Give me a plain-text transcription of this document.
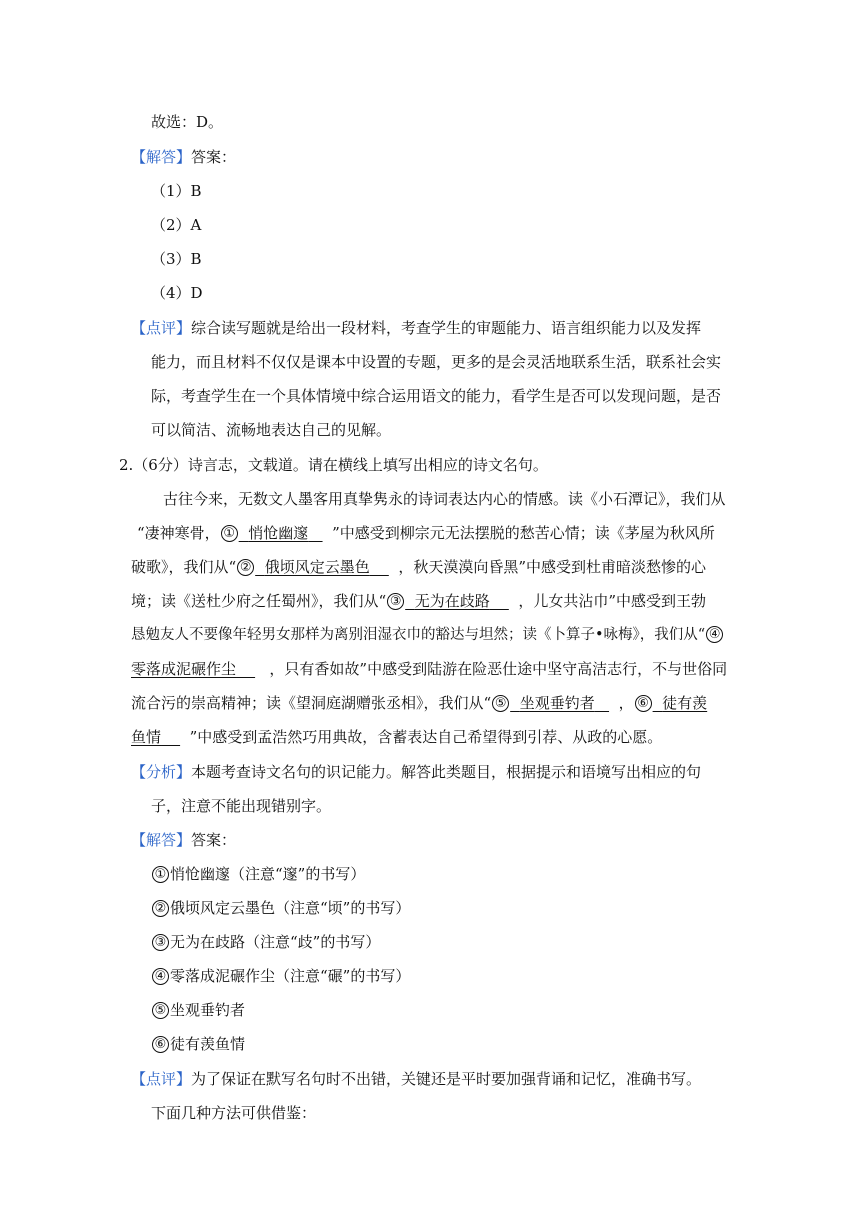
故选：D。
【解答】答案：
（1）B
（2）A
（3）B
（4）D
【点评】综合读写题就是给出一段材料，考查学生的审题能力、语言组织能力以及发挥
能力，而且材料不仅仅是课本中设置的专题，更多的是会灵活地联系生活，联系社会实
际，考查学生在一个具体情境中综合运用语文的能力，看学生是否可以发现问题，是否
可以简洁、流畅地表达自己的见解。
2.（6分）诗言志，文载道。请在横线上填写出相应的诗文名句。
古往今来，无数文人墨客用真挚隽永的诗词表达内心的情感。读《小石潭记》，我们从
“凄神寒骨， ① 悄怆幽邃 ”中感受到柳宗元无法摆脱的愁苦心情；读《茅屋为秋风所
破歌》，我们从“ ② 俄顷风定云墨色 ，秋天漠漠向昏黑”中感受到杜甫暗淡愁惨的心
境；读《送杜少府之任蜀州》，我们从“ ③ 无为在歧路 ，儿女共沾巾”中感受到王勃
恳勉友人不要像年轻男女那样为离别泪湿衣巾的豁达与坦然；读《卜算子•咏梅》，我们从“ ④
零落成泥碾作尘 ，只有香如故”中感受到陆游在险恶仕途中坚守高洁志行，不与世俗同
流合污的崇高精神；读《望洞庭湖赠张丞相》，我们从“ ⑤ 坐观垂钓者 ， ⑥ 徒有羡
鱼情 ”中感受到孟浩然巧用典故，含蓄表达自己希望得到引荐、从政的心愿。
【分析】本题考查诗文名句的识记能力。解答此类题目，根据提示和语境写出相应的句
子，注意不能出现错别字。
【解答】答案：
① 悄怆幽邃（注意“邃”的书写）
② 俄顷风定云墨色（注意“顷”的书写）
③ 无为在歧路（注意“歧”的书写）
④ 零落成泥碾作尘（注意“碾”的书写）
⑤ 坐观垂钓者
⑥ 徒有羡鱼情
【点评】为了保证在默写名句时不出错，关键还是平时要加强背诵和记忆，准确书写。
下面几种方法可供借鉴：
